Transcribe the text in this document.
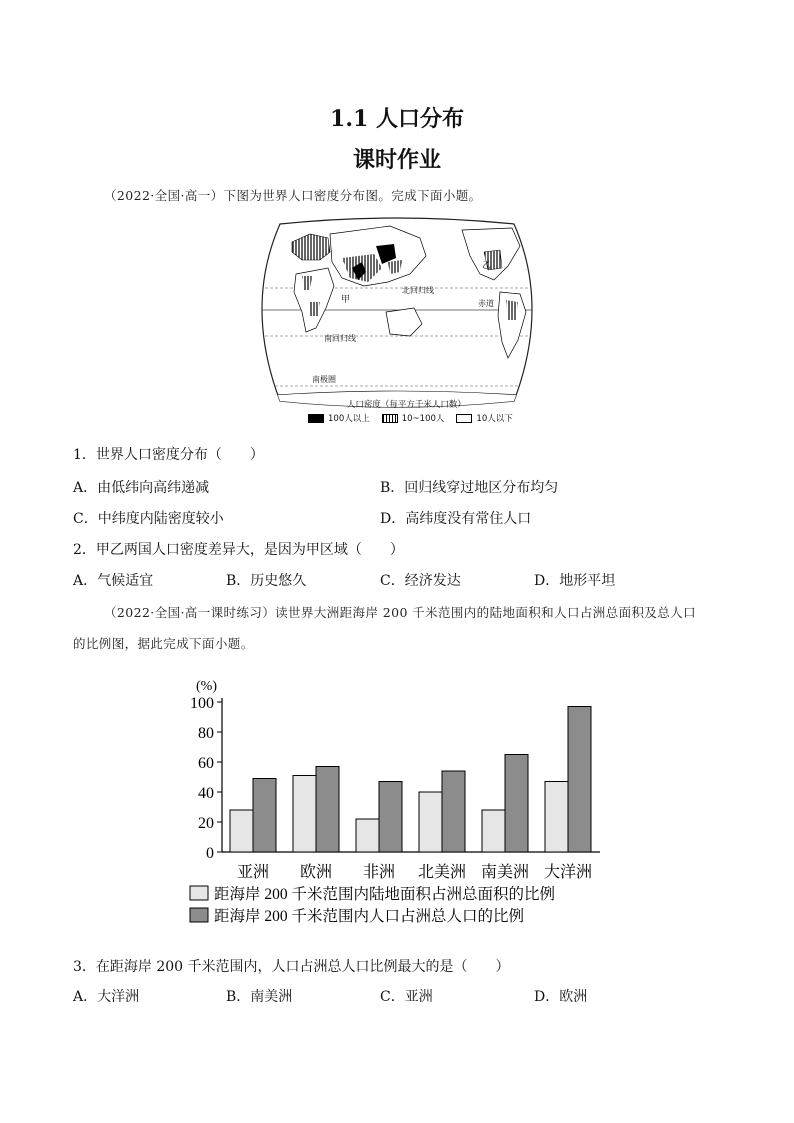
1.1 人口分布
课时作业
（2022·全国·高一）下图为世界人口密度分布图。完成下面小题。
北回归线
赤道
南回归线
南极圈
甲
乙
人口密度（每平方千米人口数）
100人以上	10~100人	10人以下
1．世界人口密度分布（　　）
A．由低纬向高纬递减	B．回归线穿过地区分布均匀
C．中纬度内陆密度较小	D．高纬度没有常住人口
2．甲乙两国人口密度差异大，是因为甲区域（　　）
A．气候适宜	B．历史悠久	C．经济发达	D．地形平坦
（2022·全国·高一课时练习）读世界大洲距海岸 200 千米范围内的陆地面积和人口占洲总面积及总人口
的比例图，据此完成下面小题。
(%)
0
20
40
60
80
100
亚洲 欧洲 非洲 北美洲 南美洲 大洋洲
距海岸 200 千米范围内陆地面积占洲总面积的比例
距海岸 200 千米范围内人口占洲总人口的比例
3．在距海岸 200 千米范围内，人口占洲总人口比例最大的是（　　）
A．大洋洲	B．南美洲	C．亚洲	D．欧洲
